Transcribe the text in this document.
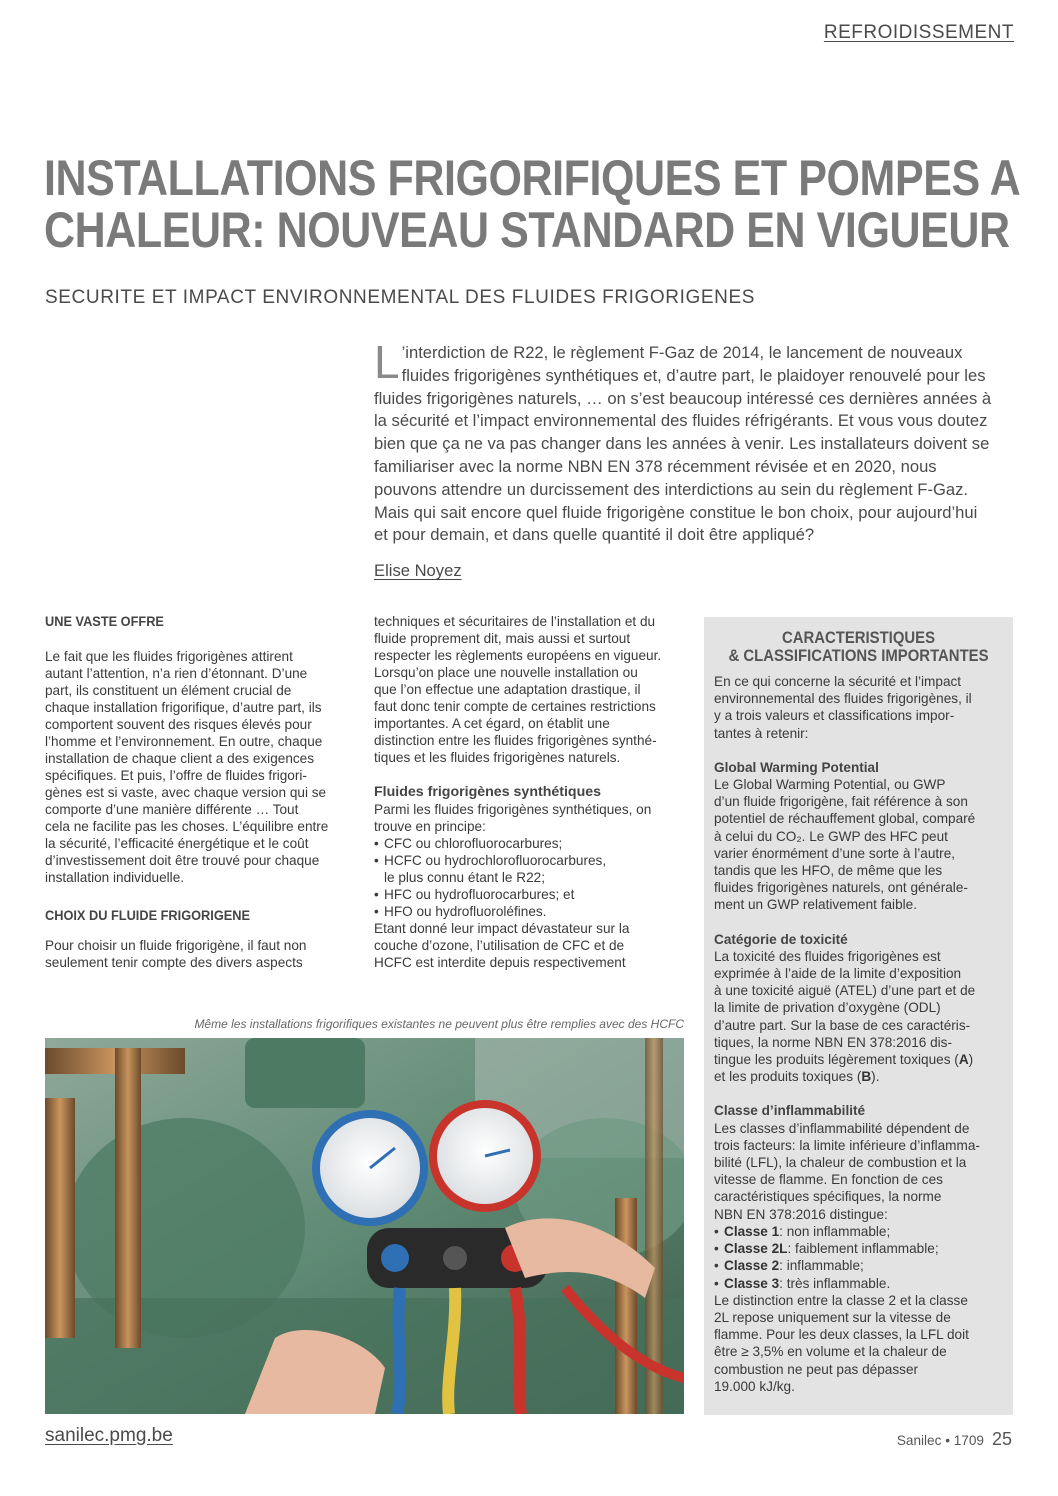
REFROIDISSEMENT
INSTALLATIONS FRIGORIFIQUES ET POMPES A
CHALEUR: NOUVEAU STANDARD EN VIGUEUR
SECURITE ET IMPACT ENVIRONNEMENTAL DES FLUIDES FRIGORIGENES
L ’interdiction de R22, le règlement F-Gaz de 2014, le lancement de nouveaux
fluides frigorigènes synthétiques et, d’autre part, le plaidoyer renouvelé pour les
fluides frigorigènes naturels, … on s’est beaucoup intéressé ces dernières années à
la sécurité et l’impact environnemental des fluides réfrigérants. Et vous vous doutez
bien que ça ne va pas changer dans les années à venir. Les installateurs doivent se
familiariser avec la norme NBN EN 378 récemment révisée et en 2020, nous
pouvons attendre un durcissement des interdictions au sein du règlement F-Gaz.
Mais qui sait encore quel fluide frigorigène constitue le bon choix, pour aujourd’hui
et pour demain, et dans quelle quantité il doit être appliqué?
Elise Noyez
UNE VASTE OFFRE

Le fait que les fluides frigorigènes attirent
autant l’attention, n’a rien d’étonnant. D’une
part, ils constituent un élément crucial de
chaque installation frigorifique, d’autre part, ils
comportent souvent des risques élevés pour
l’homme et l’environnement. En outre, chaque
installation de chaque client a des exigences
spécifiques. Et puis, l’offre de fluides frigori-
gènes est si vaste, avec chaque version qui se
comporte d’une manière différente … Tout
cela ne facilite pas les choses. L’équilibre entre
la sécurité, l’efficacité énergétique et le coût
d’investissement doit être trouvé pour chaque
installation individuelle.

CHOIX DU FLUIDE FRIGORIGENE

Pour choisir un fluide frigorigène, il faut non
seulement tenir compte des divers aspects

techniques et sécuritaires de l’installation et du
fluide proprement dit, mais aussi et surtout
respecter les règlements européens en vigueur.
Lorsqu’on place une nouvelle installation ou
que l’on effectue une adaptation drastique, il
faut donc tenir compte de certaines restrictions
importantes. A cet égard, on établit une
distinction entre les fluides frigorigènes synthé-
tiques et les fluides frigorigènes naturels.

Fluides frigorigènes synthétiques

Parmi les fluides frigorigènes synthétiques, on
trouve en principe:

• CFC ou chlorofluorocarbures;
• HCFC ou hydrochlorofluorocarbures,
le plus connu étant le R22;
• HFC ou hydrofluorocarbures; et
• HFO ou hydrofluoroléfines.

Etant donné leur impact dévastateur sur la
couche d’ozone, l’utilisation de CFC et de
HCFC est interdite depuis respectivement

CARACTERISTIQUES
& CLASSIFICATIONS IMPORTANTES
En ce qui concerne la sécurité et l’impact
environnemental des fluides frigorigènes, il
y a trois valeurs et classifications impor-
tantes à retenir:
Global Warming Potential
Le Global Warming Potential, ou GWP
d’un fluide frigorigène, fait référence à son
potentiel de réchauffement global, comparé
à celui du CO₂. Le GWP des HFC peut
varier énormément d’une sorte à l’autre,
tandis que les HFO, de même que les
fluides frigorigènes naturels, ont générale-
ment un GWP relativement faible.
Catégorie de toxicité
La toxicité des fluides frigorigènes est
exprimée à l’aide de la limite d’exposition
à une toxicité aiguë (ATEL) d’une part et de
la limite de privation d’oxygène (ODL)
d’autre part. Sur la base de ces caractéris-
tiques, la norme NBN EN 378:2016 dis-
tingue les produits légèrement toxiques (A)
et les produits toxiques (B).
Classe d’inflammabilité
Les classes d’inflammabilité dépendent de
trois facteurs: la limite inférieure d’inflamma-
bilité (LFL), la chaleur de combustion et la
vitesse de flamme. En fonction de ces
caractéristiques spécifiques, la norme
NBN EN 378:2016 distingue:
• Classe 1: non inflammable;
• Classe 2L: faiblement inflammable;
• Classe 2: inflammable;
• Classe 3: très inflammable.
Le distinction entre la classe 2 et la classe
2L repose uniquement sur la vitesse de
flamme. Pour les deux classes, la LFL doit
être ≥ 3,5% en volume et la chaleur de
combustion ne peut pas dépasser
19.000 kJ/kg.
Même les installations frigorifiques existantes ne peuvent plus être remplies avec des HCFC
sanilec.pmg.be	Sanilec • 1709 25
